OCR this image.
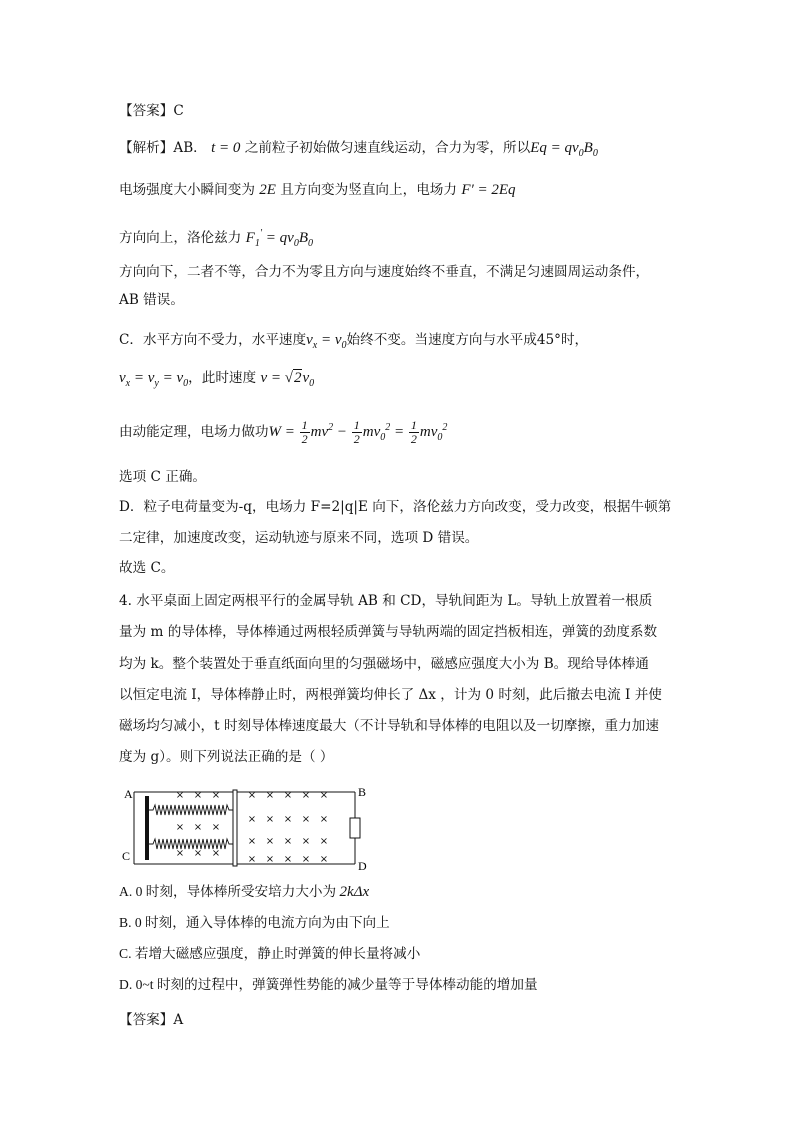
【答案】C
【解析】AB． t = 0 之前粒子初始做匀速直线运动，合力为零，所以$Eq = qv_0B_0$
电场强度大小瞬间变为 2E 且方向变为竖直向上，电场力 F′ = 2Eq
方向向上，洛伦兹力 $F_1' = qv_0B_0$
方向向下，二者不等，合力不为零且方向与速度始终不垂直，不满足匀速圆周运动条件，
AB 错误。
C．水平方向不受力，水平速度$v_x = v_0$始终不变。当速度方向与水平成45°时，
$v_x = v_y = v_0$，此时速度 $v = √2v_0$
由动能定理，电场力做功$W = \frac{1}{2} mv^2 - \frac{1}{2} mv_0^2 = \frac{1}{2} mv_0^2$
选项 C 正确。
D．粒子电荷量变为-q，电场力 F=2|q|E 向下，洛伦兹力方向改变，受力改变，根据牛顿第
二定律，加速度改变，运动轨迹与原来不同，选项 D 错误。
故选 C。
4. 水平桌面上固定两根平行的金属导轨 AB 和 CD，导轨间距为 L。导轨上放置着一根质
量为 m 的导体棒，导体棒通过两根轻质弹簧与导轨两端的固定挡板相连，弹簧的劲度系数
均为 k。整个装置处于垂直纸面向里的匀强磁场中，磁感应强度大小为 B。现给导体棒通
以恒定电流 I，导体棒静止时，两根弹簧均伸长了 Δx ，计为 0 时刻，此后撤去电流 I 并使
磁场均匀减小，t 时刻导体棒速度最大（不计导轨和导体棒的电阻以及一切摩擦，重力加速
度为 g）。则下列说法正确的是（ ）
× × ×
× × ×
× × ×
× × × × ×
× × × × ×
× × × × ×
× × × × ×
A	B
C
D
A. 0 时刻，导体棒所受安培力大小为 2kΔx
B. 0 时刻，通入导体棒的电流方向为由下向上
C. 若增大磁感应强度，静止时弹簧的伸长量将减小
D. 0~t 时刻的过程中，弹簧弹性势能的减少量等于导体棒动能的增加量
【答案】A
